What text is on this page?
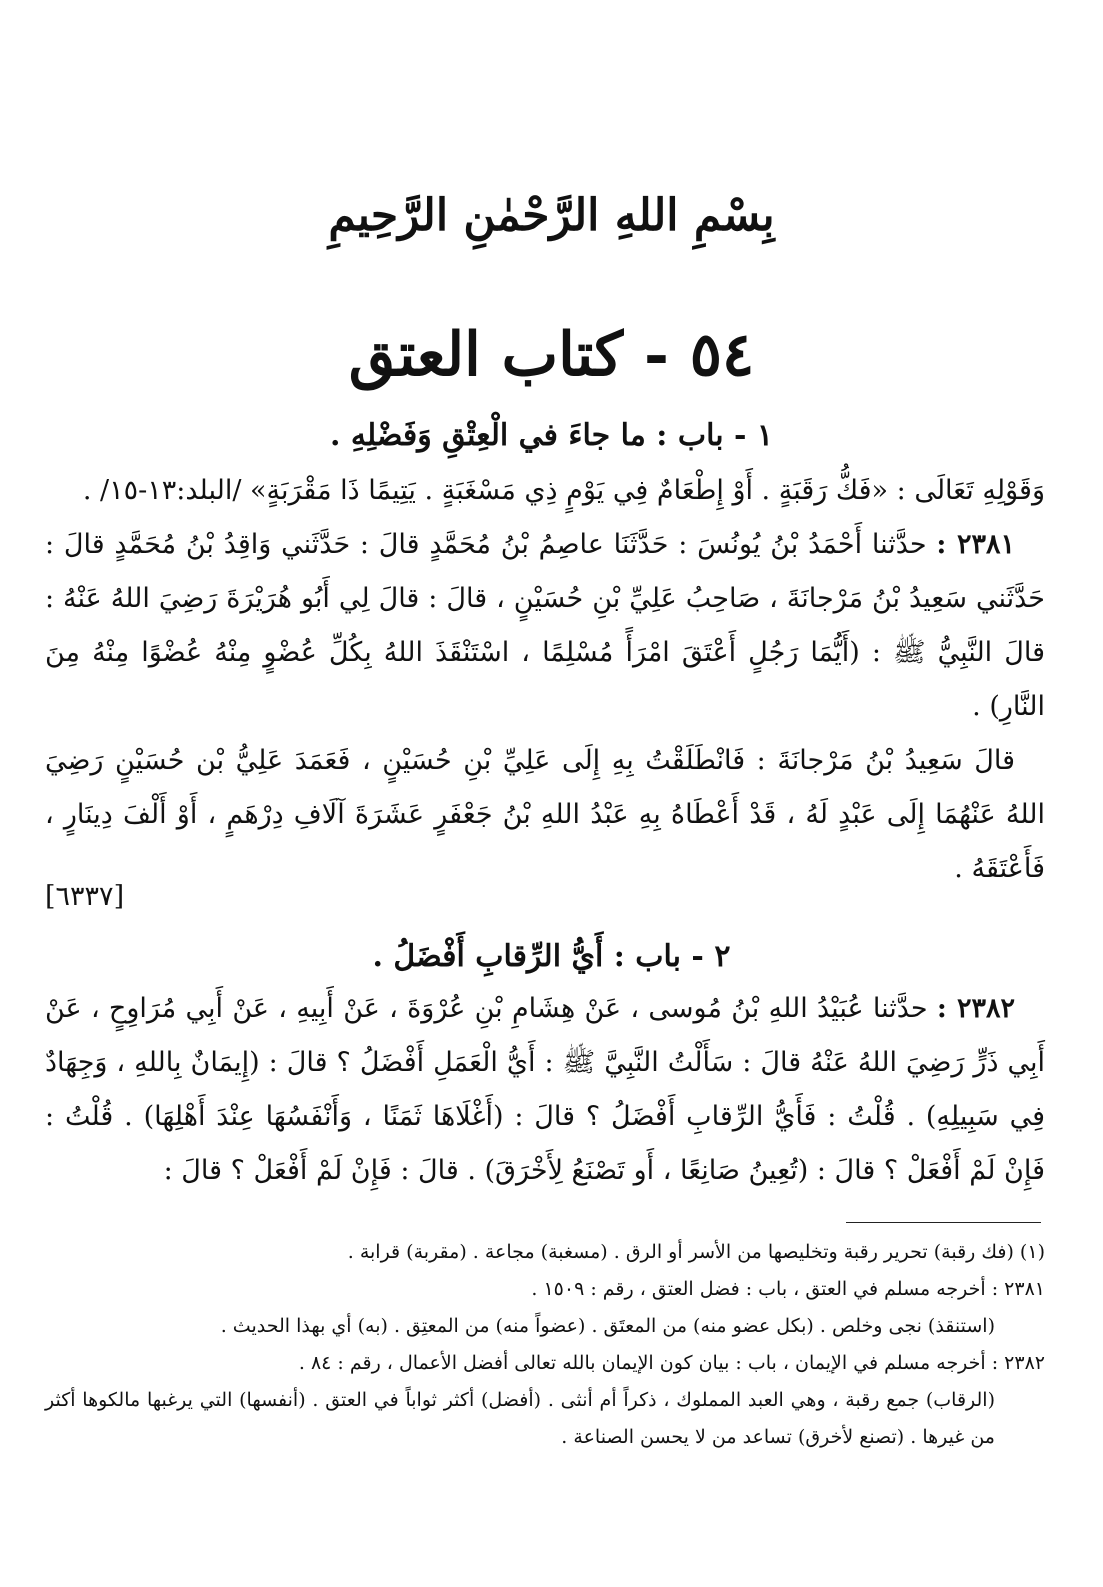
بِسْمِ اللهِ الرَّحْمٰنِ الرَّحِيمِ
٥٤ - كتاب العتق
١ - باب : ما جاءَ في الْعِتْقِ وَفَضْلِهِ .

وَقَوْلِهِ تَعَالَى : «فَكُّ رَقَبَةٍ . أَوْ إِطْعَامٌ فِي يَوْمٍ ذِي مَسْغَبَةٍ . يَتِيمًا ذَا مَقْرَبَةٍ» /البلد:١٣-١٥/ .

٢٣٨١ : حدَّثنا أَحْمَدُ بْنُ يُونُسَ : حَدَّثَنَا عاصِمُ بْنُ مُحَمَّدٍ قالَ : حَدَّثَني وَاقِدُ بْنُ مُحَمَّدٍ قالَ : حَدَّثَني سَعِيدُ بْنُ مَرْجانَةَ ، صَاحِبُ عَلِيِّ بْنِ حُسَيْنٍ ، قالَ : قالَ لِي أَبُو هُرَيْرَةَ رَضِيَ اللهُ عَنْهُ : قالَ النَّبِيُّ ﷺ : (أَيُّمَا رَجُلٍ أَعْتَقَ امْرَأً مُسْلِمًا ، اسْتَنْقَذَ اللهُ بِكُلِّ عُضْوٍ مِنْهُ عُضْوًا مِنْهُ مِنَ النَّارِ) .

قالَ سَعِيدُ بْنُ مَرْجانَةَ : فَانْطَلَقْتُ بِهِ إِلَى عَلِيِّ بْنِ حُسَيْنٍ ، فَعَمَدَ عَلِيُّ بْن حُسَيْنٍ رَضِيَ اللهُ عَنْهُمَا إِلَى عَبْدٍ لَهُ ، قَدْ أَعْطَاهُ بِهِ عَبْدُ اللهِ بْنُ جَعْفَرٍ عَشَرَةَ آلَافِ دِرْهَمٍ ، أَوْ أَلْفَ دِينَارٍ ، فَأَعْتَقَهُ .

[٦٣٣٧]
٢ - باب : أَيُّ الرِّقابِ أَفْضَلُ .

٢٣٨٢ : حدَّثنا عُبَيْدُ اللهِ بْنُ مُوسى ، عَنْ هِشَامِ بْنِ عُرْوَةَ ، عَنْ أَبِيهِ ، عَنْ أَبِي مُرَاوِحٍ ، عَنْ أَبِي ذَرٍّ رَضِيَ اللهُ عَنْهُ قالَ : سَأَلْتُ النَّبِيَّ ﷺ : أَيُّ الْعَمَلِ أَفْضَلُ ؟ قالَ : (إِيمَانٌ بِاللهِ ، وَجِهَادٌ فِي سَبِيلِهِ) . قُلْتُ : فَأَيُّ الرِّقابِ أَفْضَلُ ؟ قالَ : (أَغْلَاهَا ثَمَنًا ، وَأَنْفَسُهَا عِنْدَ أَهْلِهَا) . قُلْتُ : فَإِنْ لَمْ أَفْعَلْ ؟ قالَ : (تُعِينُ صَانِعًا ، أَو تَصْنَعُ لِأَخْرَقَ) . قالَ : فَإِنْ لَمْ أَفْعَلْ ؟ قالَ :

(١) (فك رقبة) تحرير رقبة وتخليصها من الأسر أو الرق . (مسغبة) مجاعة . (مقربة) قرابة .

٢٣٨١ : أخرجه مسلم في العتق ، باب : فضل العتق ، رقم : ١٥٠٩ .

(استنقذ) نجى وخلص . (بكل عضو منه) من المعتَق . (عضواً منه) من المعتِق . (به) أي بهذا الحديث .

٢٣٨٢ : أخرجه مسلم في الإيمان ، باب : بيان كون الإيمان بالله تعالى أفضل الأعمال ، رقم : ٨٤ .

(الرقاب) جمع رقبة ، وهي العبد المملوك ، ذكراً أم أنثى . (أفضل) أكثر ثواباً في العتق . (أنفسها) التي يرغبها مالكوها أكثر من غيرها . (تصنع لأخرق) تساعد من لا يحسن الصناعة .
